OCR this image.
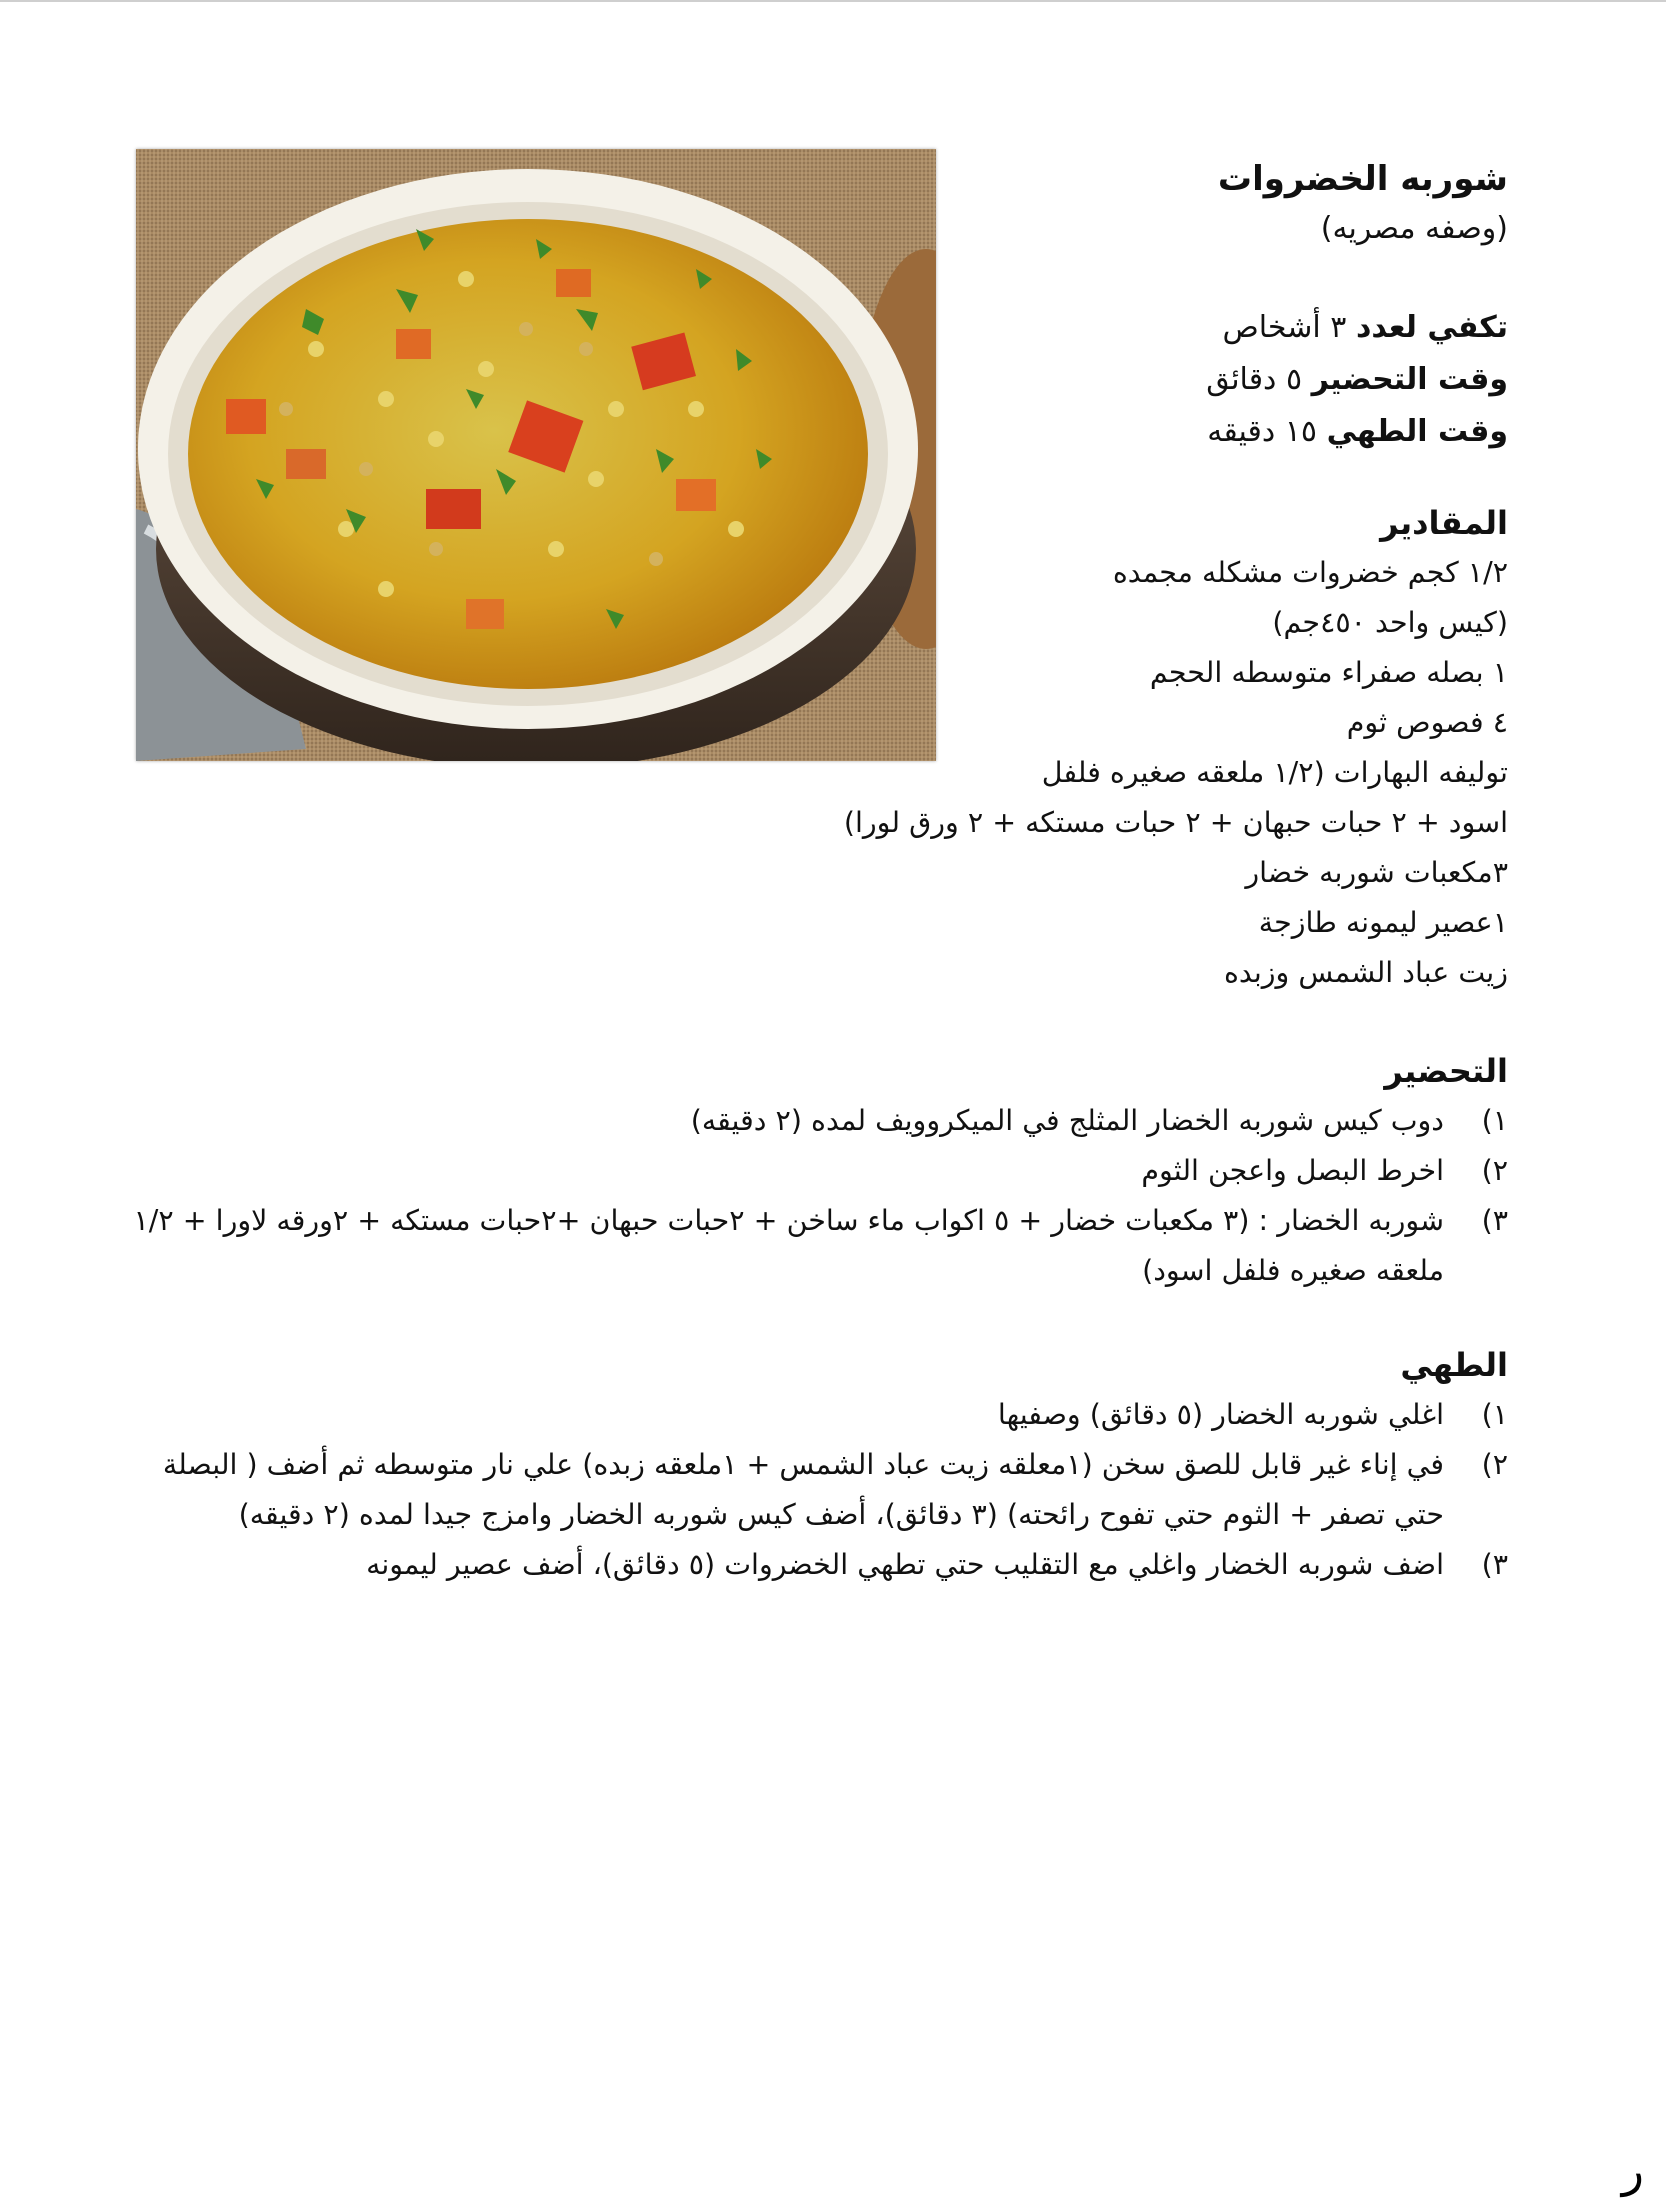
شوربه الخضروات

(وصفه مصريه)

تكفي لعدد ٣ أشخاص

وقت التحضير ٥ دقائق

وقت الطهي ١٥ دقيقه

المقادير

١/٢ كجم خضروات مشكله مجمده

(كيس واحد ٤٥٠جم)

١ بصله صفراء متوسطه الحجم

٤ فصوص ثوم

توليفه البهارات (١/٢ ملعقه صغيره فلفل

اسود + ٢ حبات حبهان + ٢ حبات مستكه + ٢ ورق لورا)

٣مكعبات شوربه خضار

١عصير ليمونه طازجة

زيت عباد الشمس وزبده

التحضير

١)
دوب كيس شوربه الخضار المثلج في الميكروويف لمده (٢ دقيقه)
٢)
اخرط البصل واعجن الثوم
٣)
شوربه الخضار : (٣ مكعبات خضار + ٥ اكواب ماء ساخن + ٢حبات حبهان +٢حبات مستكه + ٢ورقه لاورا + ١/٢ ملعقه صغيره فلفل اسود)

الطهي

١)
اغلي شوربه الخضار (٥ دقائق) وصفيها
٢)
في إناء غير قابل للصق سخن (١معلقه زيت عباد الشمس + ١ملعقه زبده) علي نار متوسطه ثم أضف ( البصلة حتي تصفر + الثوم حتي تفوح رائحته) (٣ دقائق)، أضف كيس شوربه الخضار وامزج جيدا لمده (٢ دقيقه)
٣)
اضف شوربه الخضار واغلي مع التقليب حتي تطهي الخضروات (٥ دقائق)، أضف عصير ليمونه
ر
